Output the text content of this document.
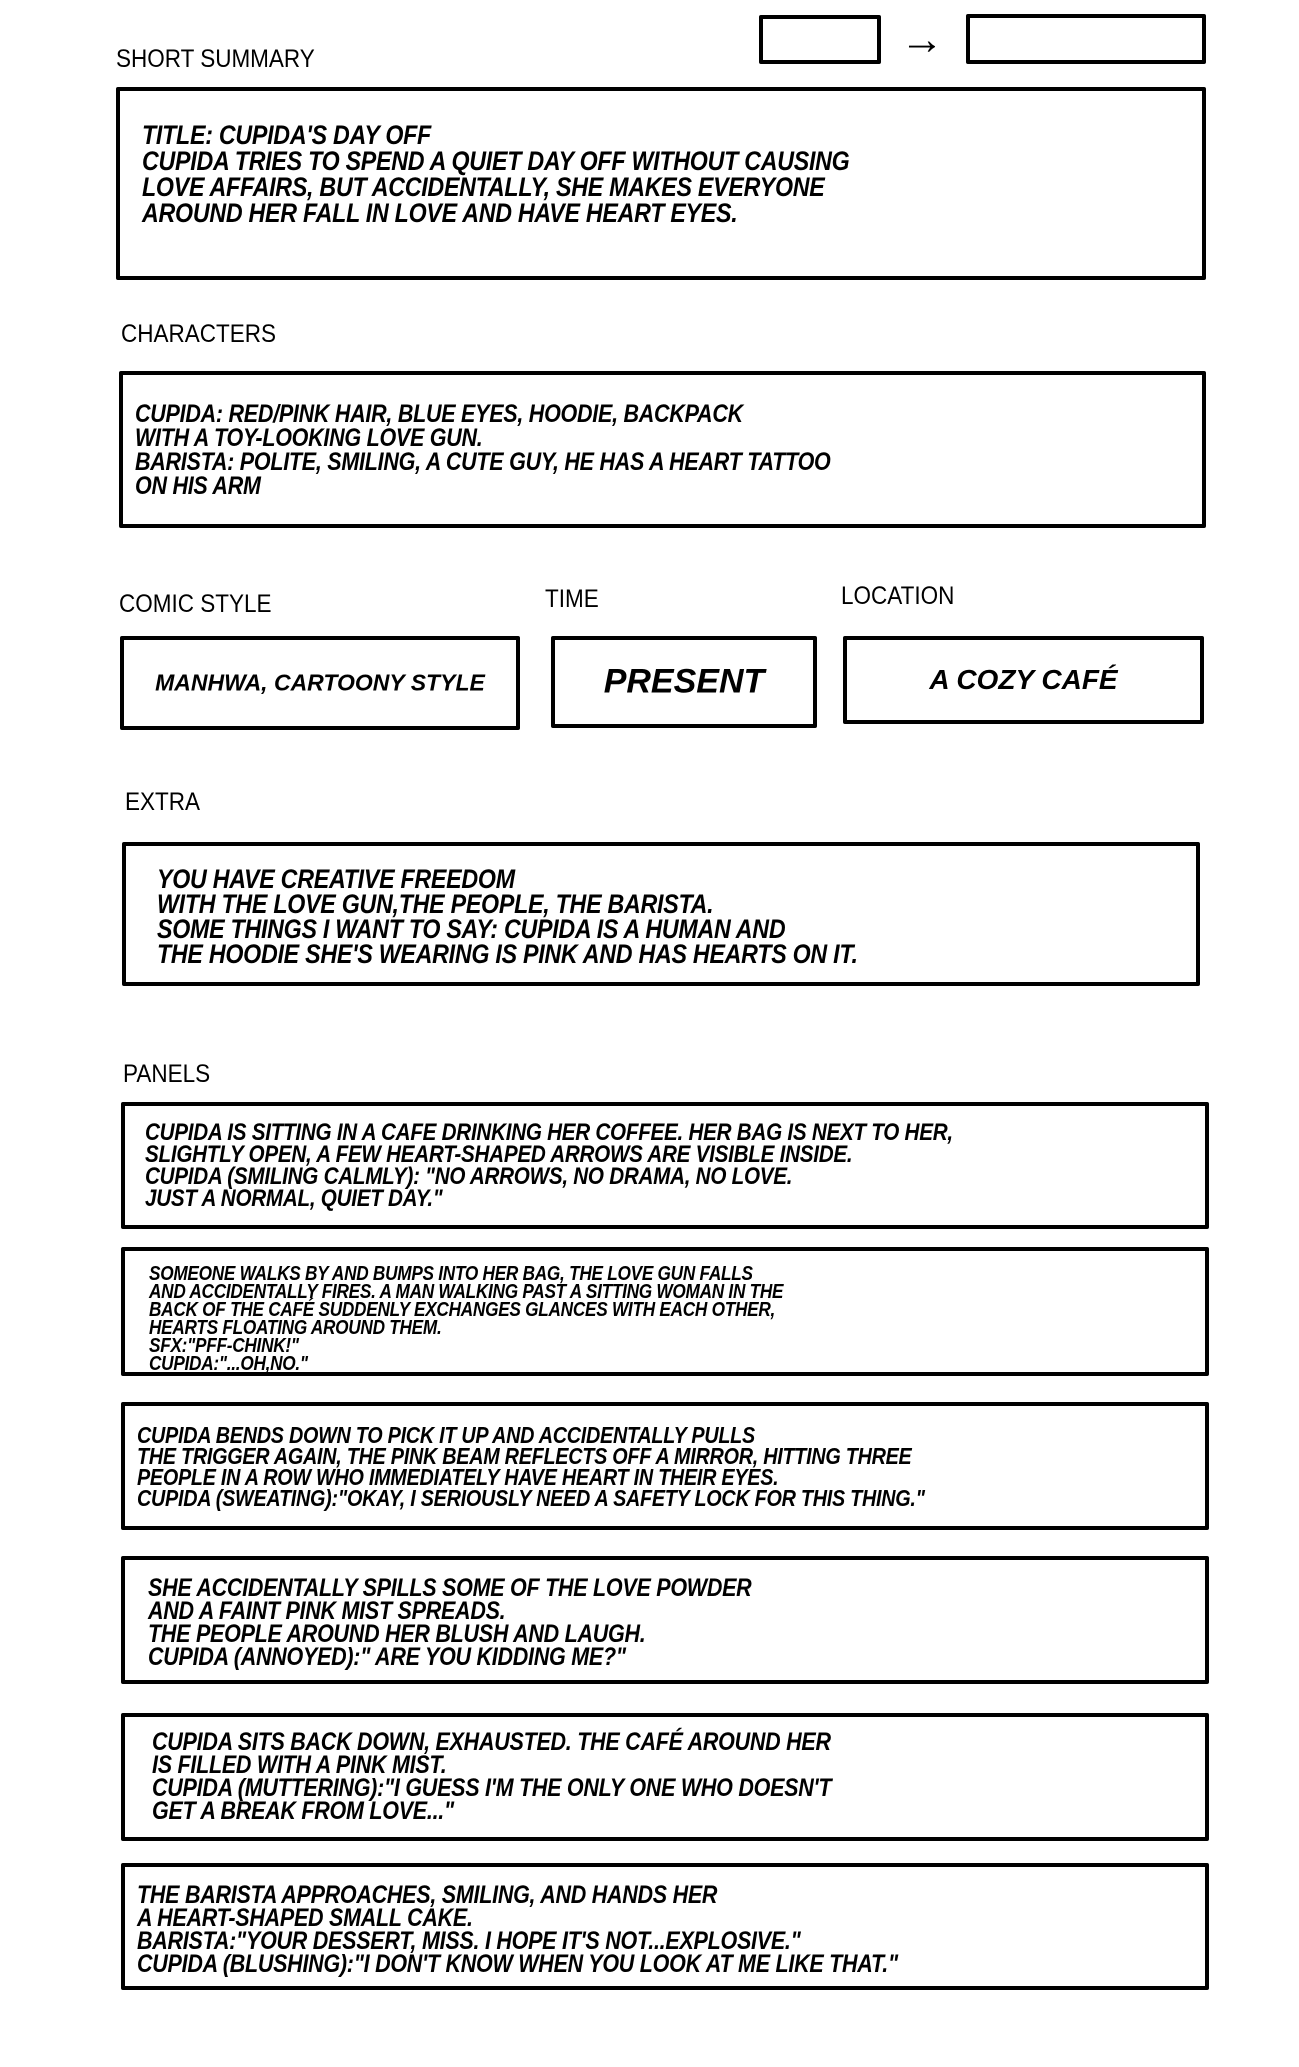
→
SHORT SUMMARY
TITLE: CUPIDA'S DAY OFF
CUPIDA TRIES TO SPEND A QUIET DAY OFF WITHOUT CAUSING
LOVE AFFAIRS, BUT ACCIDENTALLY, SHE MAKES EVERYONE
AROUND HER FALL IN LOVE AND HAVE HEART EYES.
CHARACTERS
CUPIDA: RED/PINK HAIR, BLUE EYES, HOODIE, BACKPACK
WITH A TOY-LOOKING LOVE GUN.
BARISTA: POLITE, SMILING, A CUTE GUY, HE HAS A HEART TATTOO
ON HIS ARM
COMIC STYLE	TIME	LOCATION
MANHWA, CARTOONY STYLE	PRESENT	A COZY CAFÉ
EXTRA
YOU HAVE CREATIVE FREEDOM
WITH THE LOVE GUN,THE PEOPLE, THE BARISTA.
SOME THINGS I WANT TO SAY: CUPIDA IS A HUMAN AND
THE HOODIE SHE'S WEARING IS PINK AND HAS HEARTS ON IT.
PANELS
CUPIDA IS SITTING IN A CAFE DRINKING HER COFFEE. HER BAG IS NEXT TO HER,
SLIGHTLY OPEN, A FEW HEART-SHAPED ARROWS ARE VISIBLE INSIDE.
CUPIDA (SMILING CALMLY): "NO ARROWS, NO DRAMA, NO LOVE.
JUST A NORMAL, QUIET DAY."
SOMEONE WALKS BY AND BUMPS INTO HER BAG, THE LOVE GUN FALLS
AND ACCIDENTALLY FIRES. A MAN WALKING PAST A SITTING WOMAN IN THE
BACK OF THE CAFÉ SUDDENLY EXCHANGES GLANCES WITH EACH OTHER,
HEARTS FLOATING AROUND THEM.
SFX:"PFF-CHINK!"
CUPIDA:"...OH,NO."
CUPIDA BENDS DOWN TO PICK IT UP AND ACCIDENTALLY PULLS
THE TRIGGER AGAIN, THE PINK BEAM REFLECTS OFF A MIRROR, HITTING THREE
PEOPLE IN A ROW WHO IMMEDIATELY HAVE HEART IN THEIR EYES.
CUPIDA (SWEATING):"OKAY, I SERIOUSLY NEED A SAFETY LOCK FOR THIS THING."
SHE ACCIDENTALLY SPILLS SOME OF THE LOVE POWDER
AND A FAINT PINK MIST SPREADS.
THE PEOPLE AROUND HER BLUSH AND LAUGH.
CUPIDA (ANNOYED):" ARE YOU KIDDING ME?"
CUPIDA SITS BACK DOWN, EXHAUSTED. THE CAFÉ AROUND HER
IS FILLED WITH A PINK MIST.
CUPIDA (MUTTERING):"I GUESS I'M THE ONLY ONE WHO DOESN'T
GET A BREAK FROM LOVE..."
THE BARISTA APPROACHES, SMILING, AND HANDS HER
A HEART-SHAPED SMALL CAKE.
BARISTA:"YOUR DESSERT, MISS. I HOPE IT'S NOT...EXPLOSIVE."
CUPIDA (BLUSHING):"I DON'T KNOW WHEN YOU LOOK AT ME LIKE THAT."
